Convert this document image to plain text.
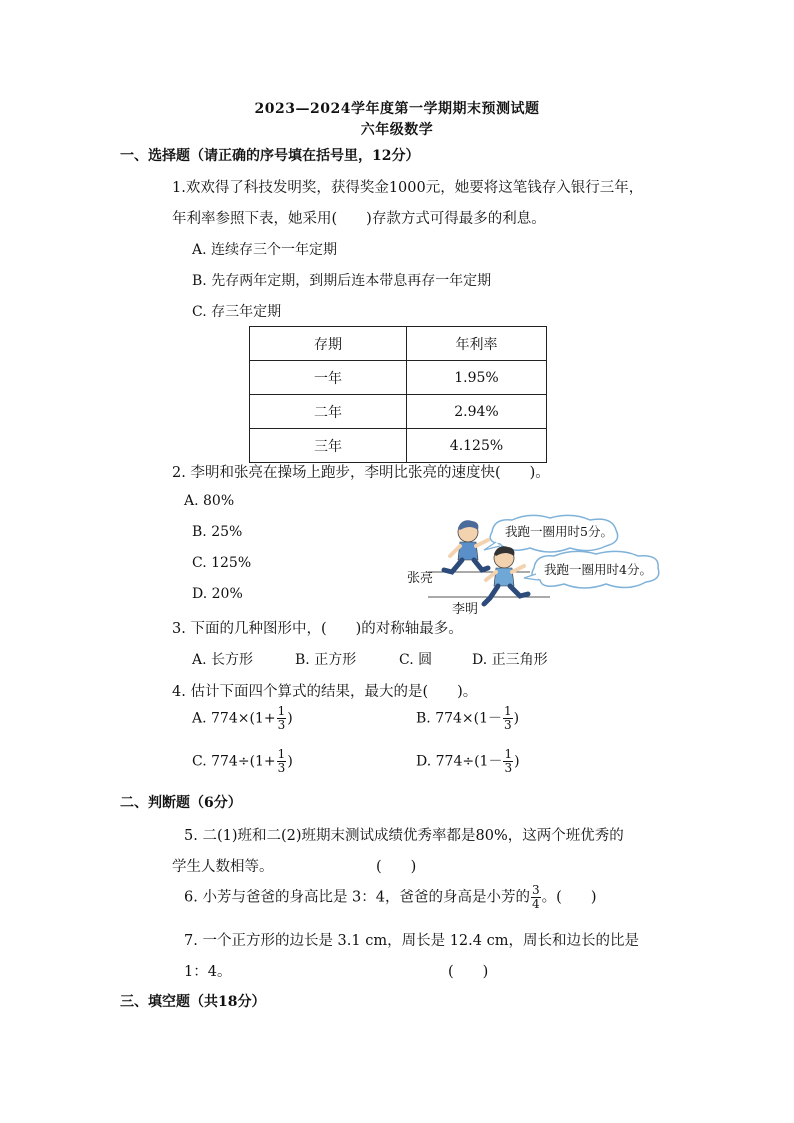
2023—2024学年度第一学期期末预测试题
六年级数学
一、选择题（请正确的序号填在括号里，12分）
1.欢欢得了科技发明奖，获得奖金1000元，她要将这笔钱存入银行三年，
年利率参照下表，她采用(　　)存款方式可得最多的利息。
A. 连续存三个一年定期
B. 先存两年定期，到期后连本带息再存一年定期
C. 存三年定期
存期	年利率
一年	1.95%
二年	2.94%
三年	4.125%
2. 李明和张亮在操场上跑步，李明比张亮的速度快(　　)。
A. 80%
B. 25%
C. 125%
D. 20%
我跑一圈用时5分。
我跑一圈用时4分。
张亮
李明
3. 下面的几种图形中，(　　)的对称轴最多。
A. 长方形	B. 正方形	C. 圆	D. 正三角形
4. 估计下面四个算式的结果，最大的是(　　)。
A. $774\times(1+ \frac{1}{3}$ )	B. $774\times(1- \frac{1}{3}$ )
C. $774\div(1+ \frac{1}{3}$ )	D. $774\div(1- \frac{1}{3}$ )
二、判断题（6分）
5. 二(1)班和二(2)班期末测试成绩优秀率都是80%，这两个班优秀的
学生人数相等。	(　　)
6. 小芳与爸爸的身高比是 3：4，爸爸的身高是小芳的 $\frac{3}{4}$ 。(　　)
7. 一个正方形的边长是 3.1 cm，周长是 12.4 cm，周长和边长的比是
1：4。	(　　)
三、填空题（共18分）
